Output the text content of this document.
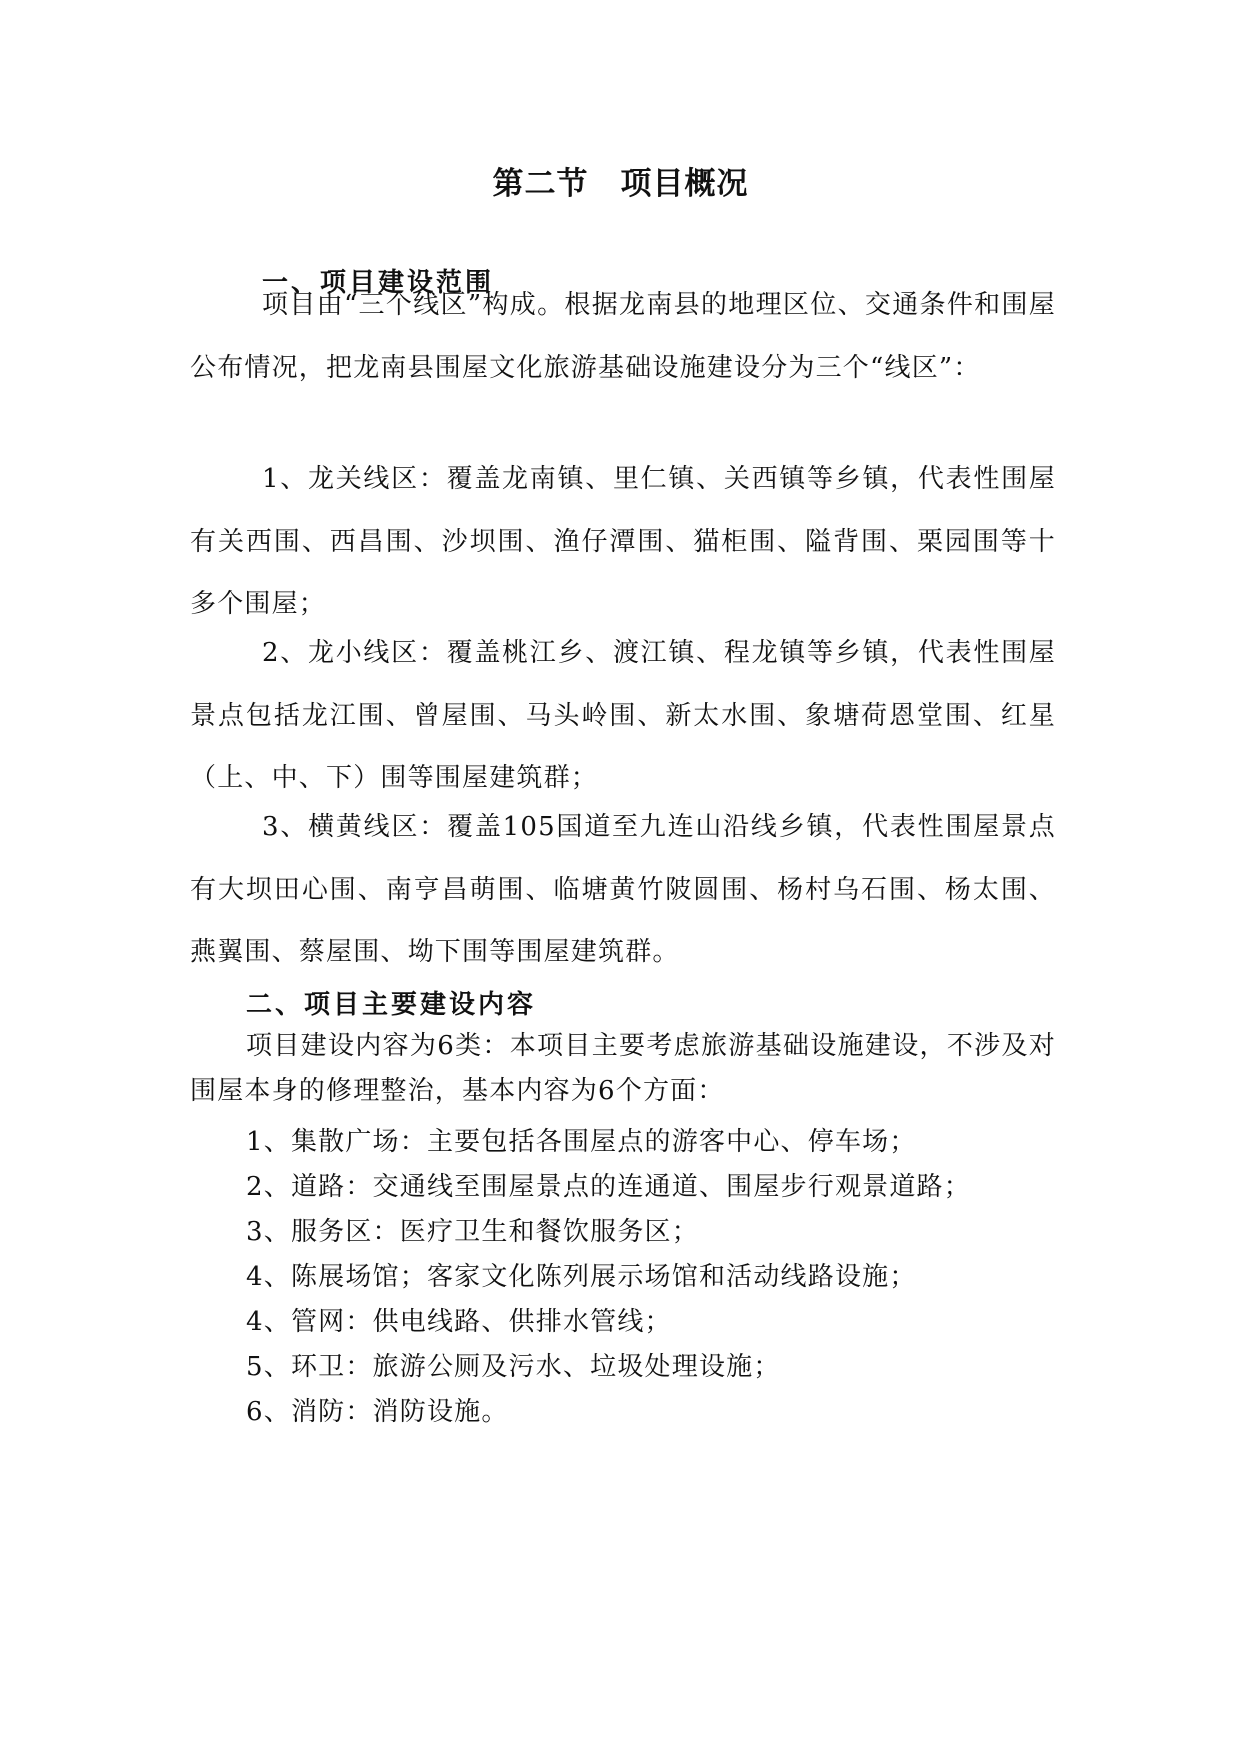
第二节　项目概况
一、项目建设范围

项目由“三个线区”构成。根据龙南县的地理区位、交通条件和围屋公布情况，把龙南县围屋文化旅游基础设施建设分为三个“线区”：

1、龙关线区：覆盖龙南镇、里仁镇、关西镇等乡镇，代表性围屋有关西围、西昌围、沙坝围、渔仔潭围、猫柜围、隘背围、栗园围等十多个围屋；

2、龙小线区：覆盖桃江乡、渡江镇、程龙镇等乡镇，代表性围屋景点包括龙江围、曾屋围、马头岭围、新太水围、象塘荷恩堂围、红星（上、中、下）围等围屋建筑群；

3、横黄线区：覆盖105国道至九连山沿线乡镇，代表性围屋景点有大坝田心围、南亨昌萌围、临塘黄竹陂圆围、杨村乌石围、杨太围、燕翼围、蔡屋围、坳下围等围屋建筑群。

二、项目主要建设内容

项目建设内容为6类：本项目主要考虑旅游基础设施建设，不涉及对围屋本身的修理整治，基本内容为6个方面：

1、集散广场：主要包括各围屋点的游客中心、停车场；
2、道路：交通线至围屋景点的连通道、围屋步行观景道路；
3、服务区：医疗卫生和餐饮服务区；
4、陈展场馆；客家文化陈列展示场馆和活动线路设施；
4、管网：供电线路、供排水管线；
5、环卫：旅游公厕及污水、垃圾处理设施；
6、消防：消防设施。
